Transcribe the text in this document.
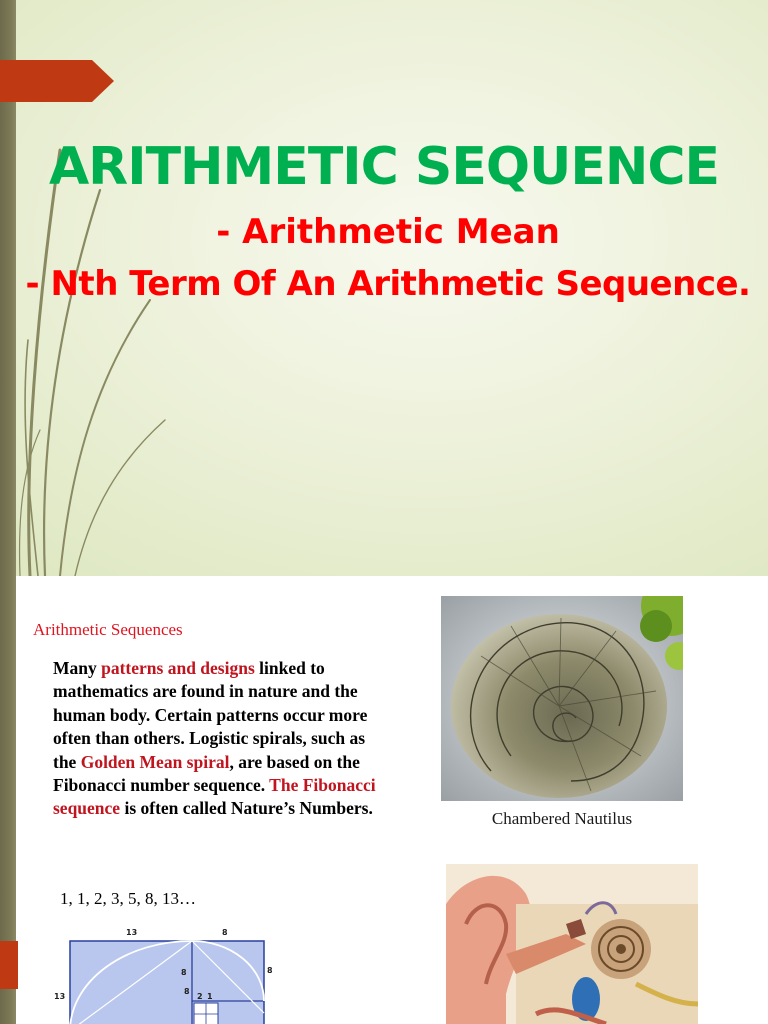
ARITHMETIC SEQUENCE

- Arithmetic Mean

- Nth Term Of An Arithmetic Sequence.

Arithmetic Sequences

Many patterns and designs linked to mathematics are found in nature and the human body. Certain patterns occur more often than others. Logistic spirals, such as the Golden Mean spiral, are based on the Fibonacci number sequence. The Fibonacci sequence is often called Nature’s Numbers.

1, 1, 2, 3, 5, 8, 13…

13	8
13
8
8
8
2 1

Chambered Nautilus
